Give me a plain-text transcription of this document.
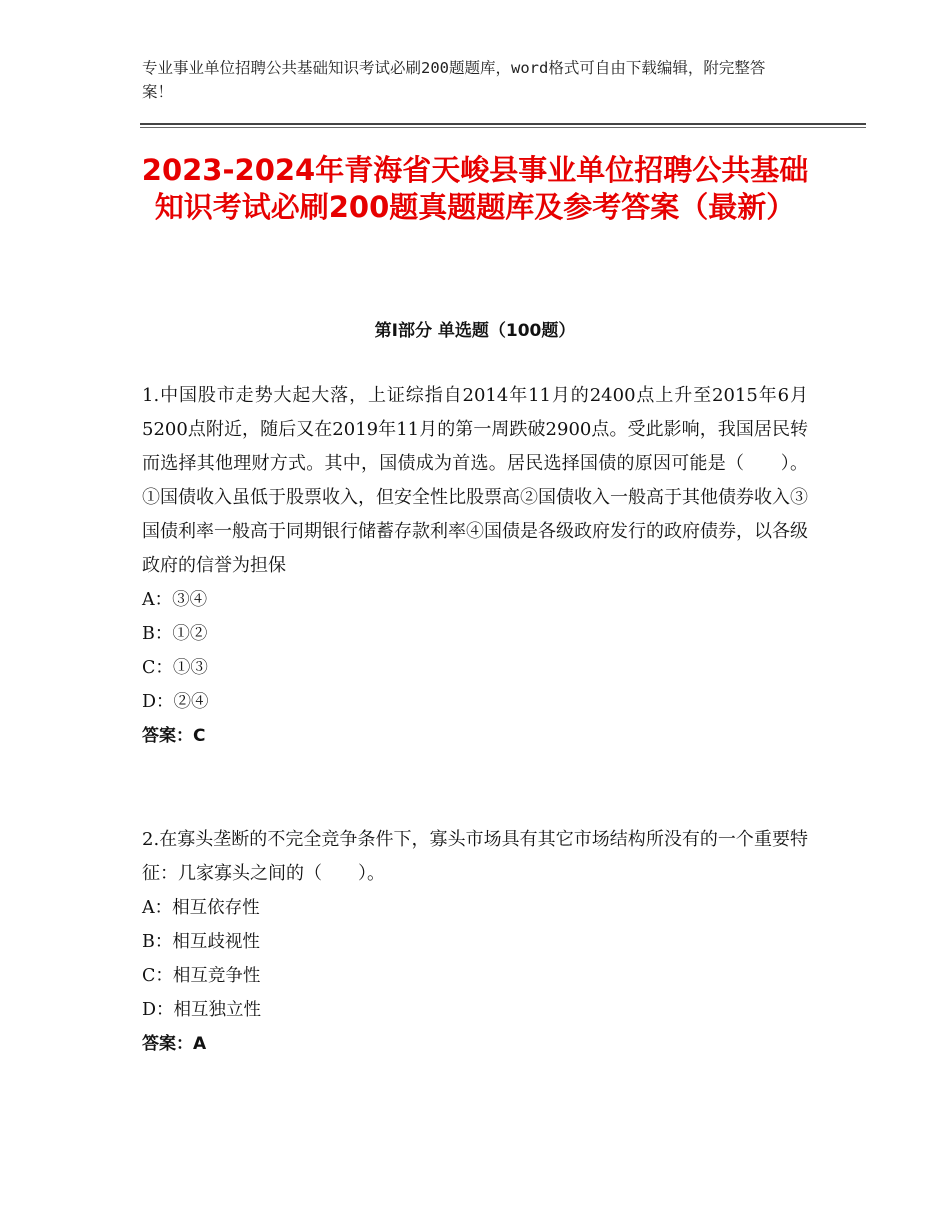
专业事业单位招聘公共基础知识考试必刷200题题库，word格式可自由下载编辑，附完整答案！
2023-2024年青海省天峻县事业单位招聘公共基础知识考试必刷200题真题题库及参考答案（最新）
第I部分 单选题（100题）

1.中国股市走势大起大落，上证综指自2014年11月的2400点上升至2015年6月5200点附近，随后又在2019年11月的第一周跌破2900点。受此影响，我国居民转而选择其他理财方式。其中，国债成为首选。居民选择国债的原因可能是（　　）。①国债收入虽低于股票收入，但安全性比股票高②国债收入一般高于其他债券收入③国债利率一般高于同期银行储蓄存款利率④国债是各级政府发行的政府债券，以各级政府的信誉为担保

A：③④

B：①②

C：①③

D：②④

答案：C

2.在寡头垄断的不完全竞争条件下，寡头市场具有其它市场结构所没有的一个重要特征：几家寡头之间的（　　）。

A：相互依存性

B：相互歧视性

C：相互竞争性

D：相互独立性

答案：A
